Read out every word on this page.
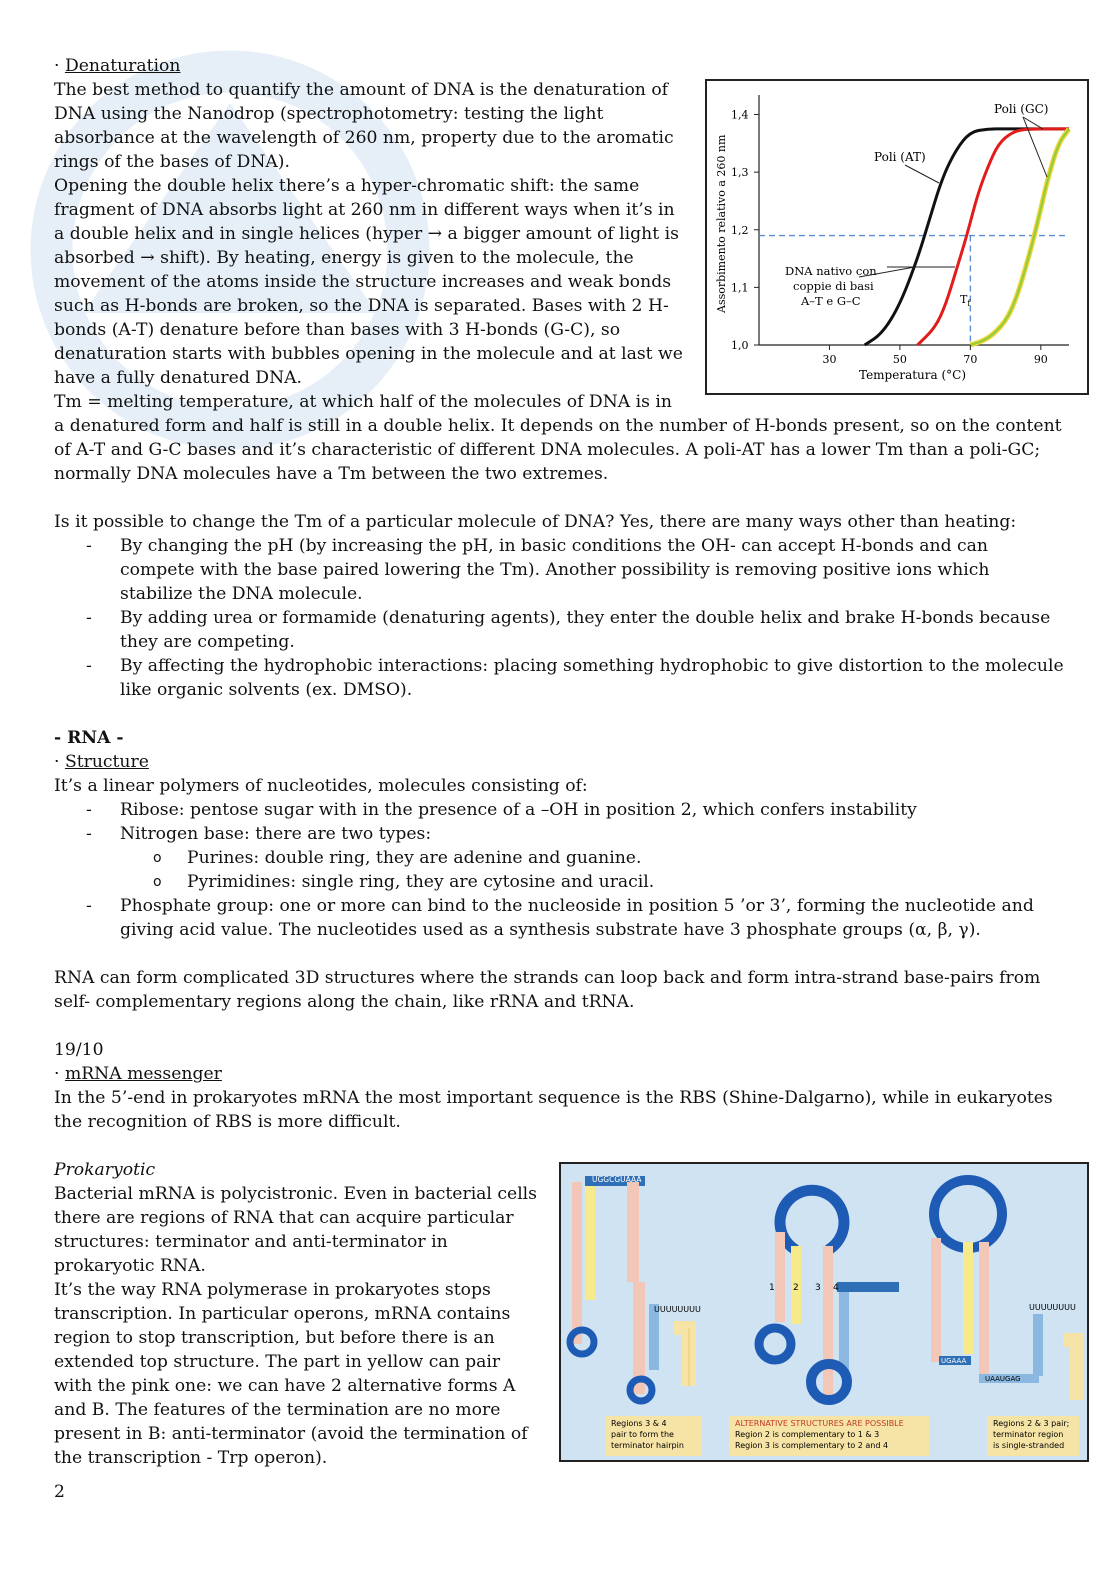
1,0
1,1
1,2
1,3
1,4
30	50	70	90
Poli (GC)
Poli (AT)
DNA nativo con
coppie di basi
A–T e G–C	$T_f$
Temperatura (°C)
Assorbimento relativo a 260 nm

· Denaturation

The best method to quantify the amount of DNA is the denaturation of DNA using the Nanodrop (spectrophotometry: testing the light absorbance at the wavelength of 260 nm, property due to the aromatic rings of the bases of DNA).

Opening the double helix there’s a hyper-chromatic shift: the same fragment of DNA absorbs light at 260 nm in different ways when it’s in a double helix and in single helices (hyper → a bigger amount of light is absorbed → shift). By heating, energy is given to the molecule, the movement of the atoms inside the structure increases and weak bonds such as H-bonds are broken, so the DNA is separated. Bases with 2 H-bonds (A-T) denature before than bases with 3 H-bonds (G-C), so denaturation starts with bubbles opening in the molecule and at last we have a fully denatured DNA.

Tm = melting temperature, at which half of the molecules of DNA is in a denatured form and half is still in a double helix. It depends on the number of H-bonds present, so on the content of A-T and G-C bases and it’s characteristic of different DNA molecules. A poli-AT has a lower Tm than a poli-GC; normally DNA molecules have a Tm between the two extremes.

Is it possible to change the Tm of a particular molecule of DNA? Yes, there are many ways other than heating:

- By changing the pH (by increasing the pH, in basic conditions the OH- can accept H-bonds and can compete with the base paired lowering the Tm). Another possibility is removing positive ions which stabilize the DNA molecule.
- By adding urea or formamide (denaturing agents), they enter the double helix and brake H-bonds because they are competing.
- By affecting the hydrophobic interactions: placing something hydrophobic to give distortion to the molecule like organic solvents (ex. DMSO).

- RNA -

· Structure

It’s a linear polymers of nucleotides, molecules consisting of:

- Ribose: pentose sugar with in the presence of a –OH in position 2, which confers instability
- Nitrogen base: there are two types:
o Purines: double ring, they are adenine and guanine.
o Pyrimidines: single ring, they are cytosine and uracil.
- Phosphate group: one or more can bind to the nucleoside in position 5 ’or 3’, forming the nucleotide and giving acid value. The nucleotides used as a synthesis substrate have 3 phosphate groups (α, β, γ).

RNA can form complicated 3D structures where the strands can loop back and form intra-strand base-pairs from self- complementary regions along the chain, like rRNA and tRNA.

19/10

· mRNA messenger

In the 5’-end in prokaryotes mRNA the most important sequence is the RBS (Shine-Dalgarno), while in eukaryotes the recognition of RBS is more difficult.

UGGCGUAAA
UUUUUUUU
1 2 3 4
UGAAA
UAAUGAG
UUUUUUUU
Regions 3 & 4
pair to form the
terminator hairpin
ALTERNATIVE STRUCTURES ARE POSSIBLE
Region 2 is complementary to 1 & 3
Region 3 is complementary to 2 and 4
Regions 2 & 3 pair;
terminator region
is single-stranded

Prokaryotic

Bacterial mRNA is polycistronic. Even in bacterial cells there are regions of RNA that can acquire particular structures: terminator and anti-terminator in prokaryotic RNA.

It’s the way RNA polymerase in prokaryotes stops transcription. In particular operons, mRNA contains region to stop transcription, but before there is an extended top structure. The part in yellow can pair with the pink one: we can have 2 alternative forms A and B. The features of the termination are no more present in B: anti-terminator (avoid the termination of the transcription - Trp operon).

2
